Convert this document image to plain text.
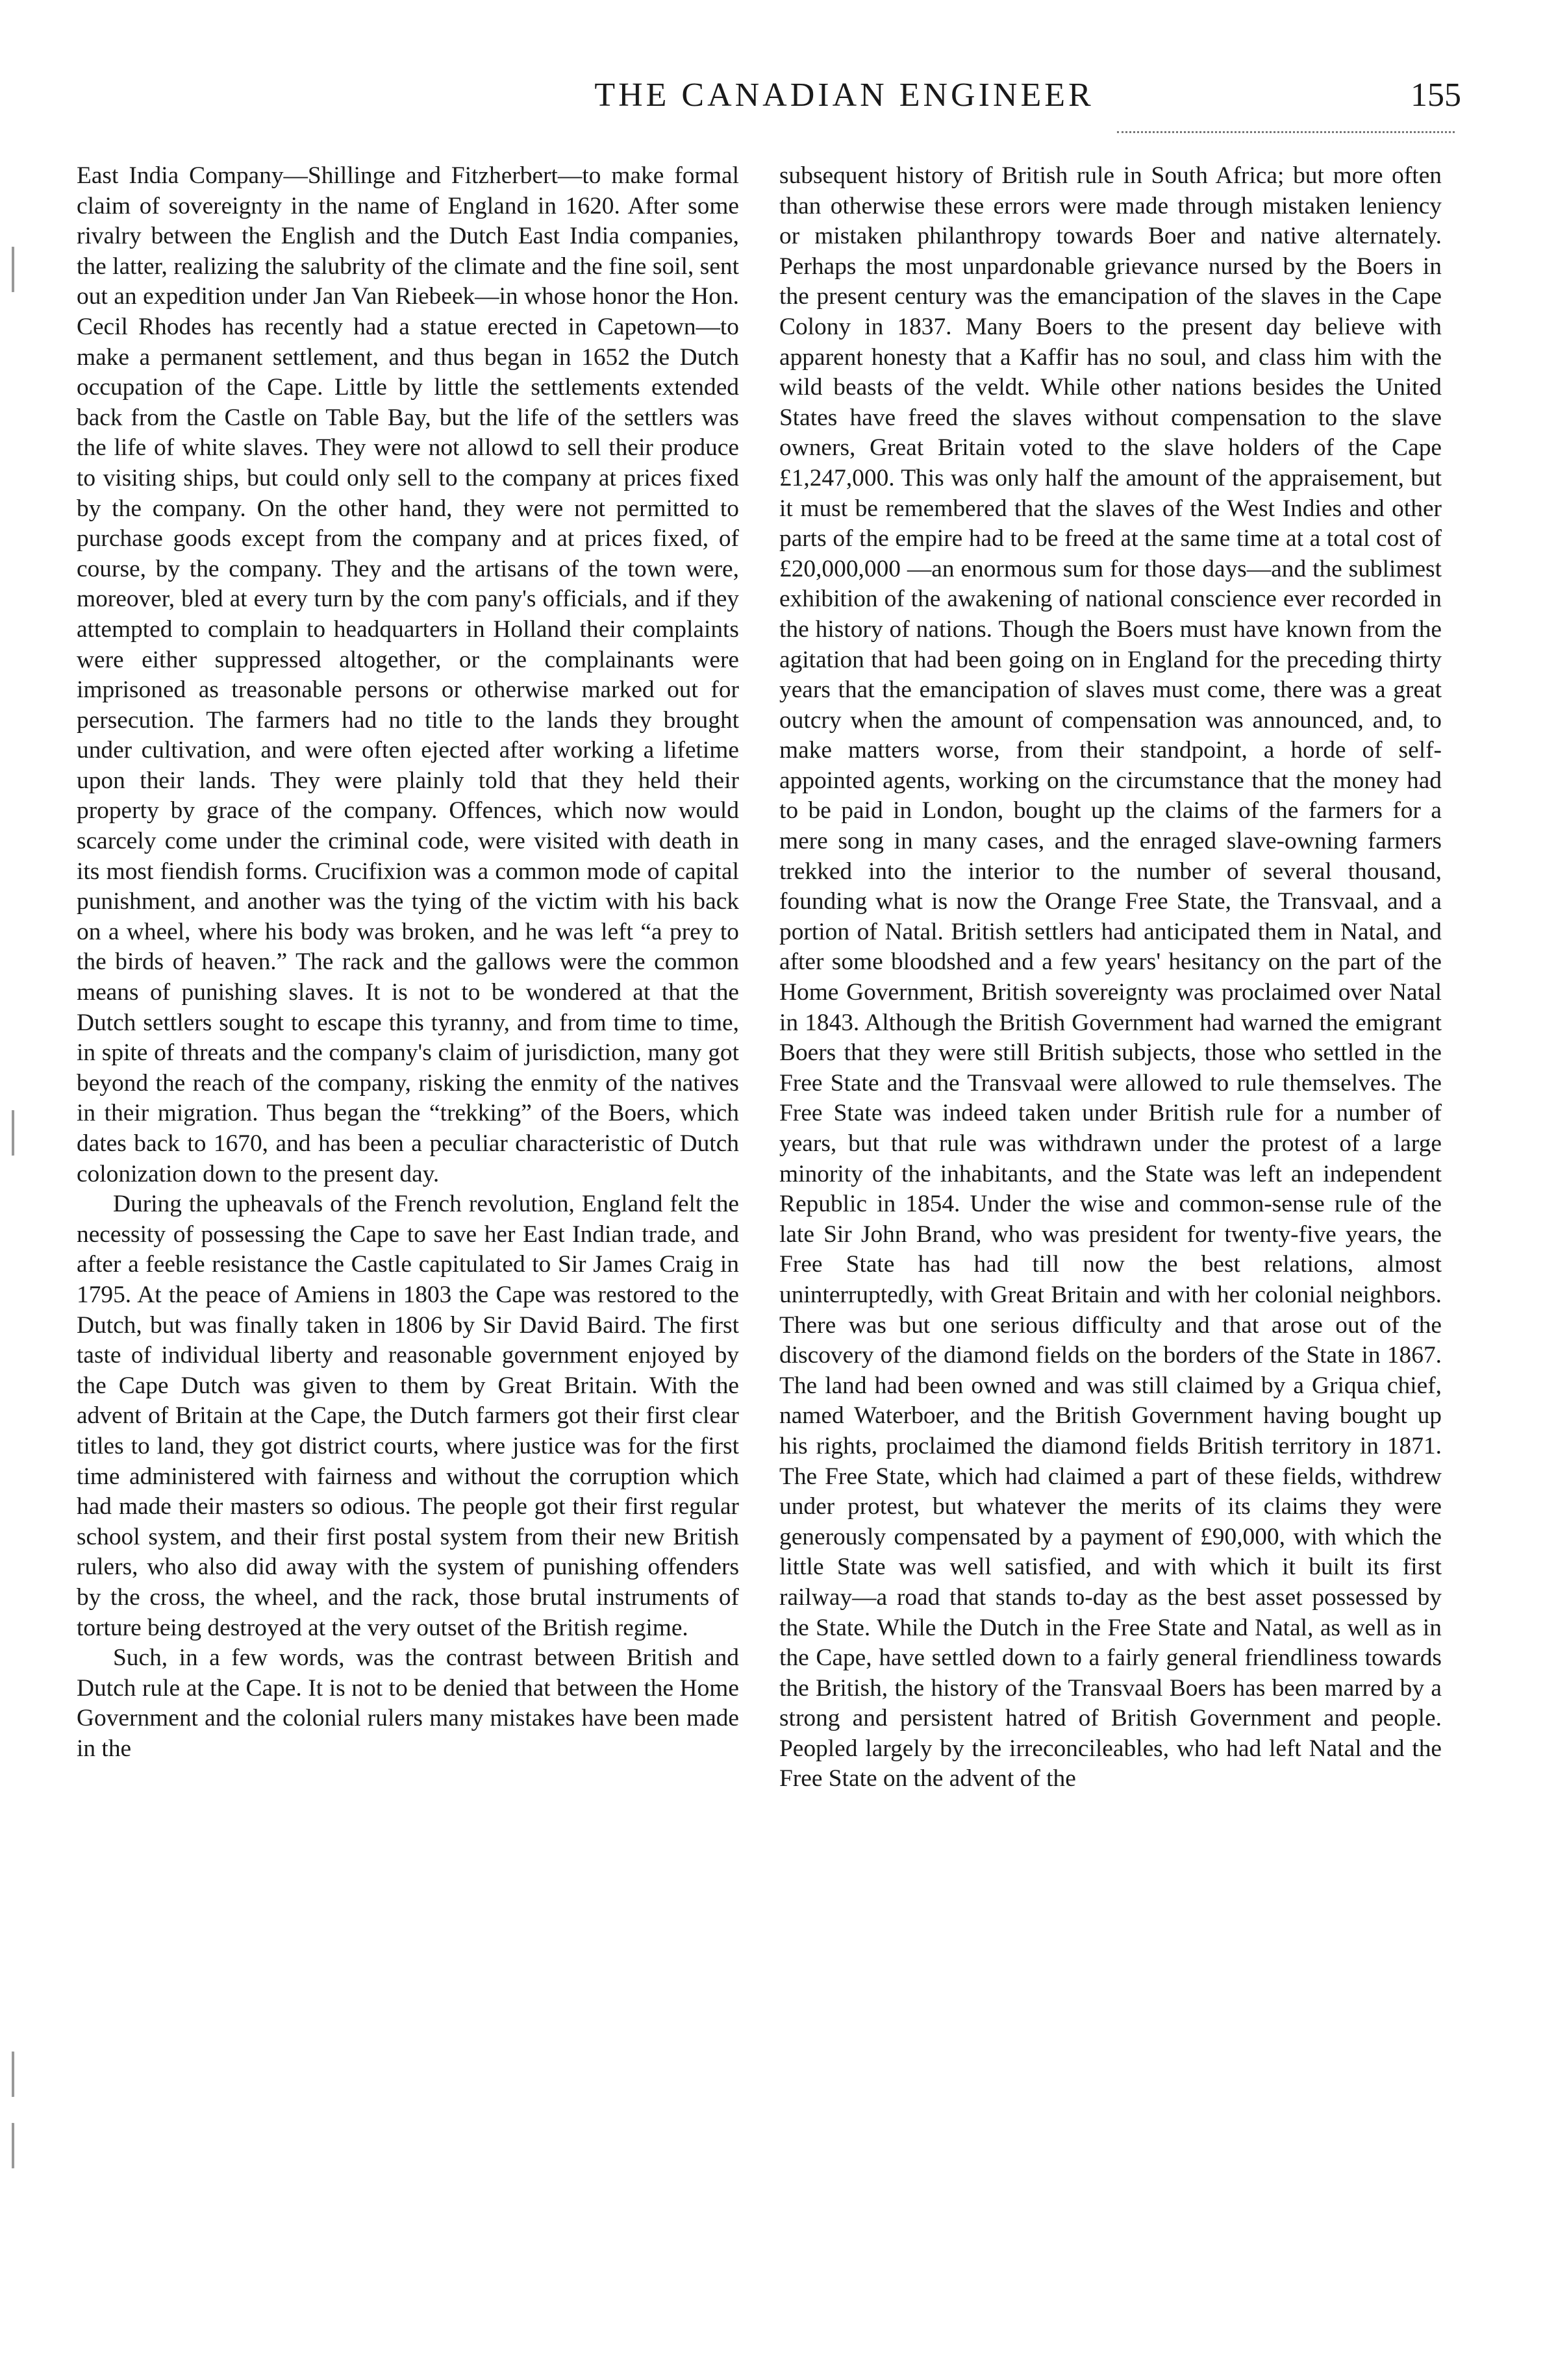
THE CANADIAN ENGINEER	155

East India Company—Shillinge and Fitzherbert—to make formal claim of sovereignty in the name of England in 1620. After some rivalry between the English and the Dutch East India companies, the latter, realizing the salubrity of the climate and the fine soil, sent out an expedition under Jan Van Riebeek—in whose honor the Hon. Cecil Rhodes has recently had a statue erected in Capetown—to make a permanent settlement, and thus began in 1652 the Dutch occupation of the Cape. Little by little the settlements extended back from the Castle on Table Bay, but the life of the settlers was the life of white slaves. They were not allowd to sell their produce to visiting ships, but could only sell to the company at prices fixed by the company. On the other hand, they were not permitted to purchase goods except from the company and at prices fixed, of course, by the company. They and the artisans of the town were, moreover, bled at every turn by the com pany's officials, and if they attempted to complain to headquarters in Holland their complaints were either suppressed altogether, or the complainants were imprisoned as treasonable persons or otherwise marked out for persecution. The farmers had no title to the lands they brought under cultivation, and were often ejected after working a lifetime upon their lands. They were plainly told that they held their property by grace of the company. Offences, which now would scarcely come under the criminal code, were visited with death in its most fiendish forms. Crucifixion was a common mode of capital punishment, and another was the tying of the victim with his back on a wheel, where his body was broken, and he was left “a prey to the birds of heaven.” The rack and the gallows were the common means of punishing slaves. It is not to be wondered at that the Dutch settlers sought to escape this tyranny, and from time to time, in spite of threats and the company's claim of jurisdiction, many got beyond the reach of the company, risking the enmity of the natives in their migration. Thus began the “trekking” of the Boers, which dates back to 1670, and has been a peculiar characteristic of Dutch colonization down to the present day.

During the upheavals of the French revolution, England felt the necessity of possessing the Cape to save her East Indian trade, and after a feeble resistance the Castle capitulated to Sir James Craig in 1795. At the peace of Amiens in 1803 the Cape was restored to the Dutch, but was finally taken in 1806 by Sir David Baird. The first taste of individual liberty and reasonable government enjoyed by the Cape Dutch was given to them by Great Britain. With the advent of Britain at the Cape, the Dutch farmers got their first clear titles to land, they got district courts, where justice was for the first time administered with fairness and without the corruption which had made their masters so odious. The people got their first regular school system, and their first postal system from their new British rulers, who also did away with the system of punishing offenders by the cross, the wheel, and the rack, those brutal instruments of torture being destroyed at the very outset of the British regime.

Such, in a few words, was the contrast between British and Dutch rule at the Cape. It is not to be denied that between the Home Government and the colonial rulers many mistakes have been made in the

subsequent history of British rule in South Africa; but more often than otherwise these errors were made through mistaken leniency or mistaken philanthropy towards Boer and native alternately. Perhaps the most unpardonable grievance nursed by the Boers in the present century was the emancipation of the slaves in the Cape Colony in 1837. Many Boers to the present day believe with apparent honesty that a Kaffir has no soul, and class him with the wild beasts of the veldt. While other nations besides the United States have freed the slaves without compensation to the slave owners, Great Britain voted to the slave holders of the Cape £1,247,000. This was only half the amount of the appraisement, but it must be remembered that the slaves of the West Indies and other parts of the empire had to be freed at the same time at a total cost of £20,000,000 —an enormous sum for those days—and the sublimest exhibition of the awakening of national conscience ever recorded in the history of nations. Though the Boers must have known from the agitation that had been going on in England for the preceding thirty years that the emancipation of slaves must come, there was a great outcry when the amount of compensation was announced, and, to make matters worse, from their standpoint, a horde of self-appointed agents, working on the circumstance that the money had to be paid in London, bought up the claims of the farmers for a mere song in many cases, and the enraged slave-owning farmers trekked into the interior to the number of several thousand, founding what is now the Orange Free State, the Transvaal, and a portion of Natal. British settlers had anticipated them in Natal, and after some bloodshed and a few years' hesitancy on the part of the Home Government, British sovereignty was proclaimed over Natal in 1843. Although the British Government had warned the emigrant Boers that they were still British subjects, those who settled in the Free State and the Transvaal were allowed to rule themselves. The Free State was indeed taken under British rule for a number of years, but that rule was withdrawn under the protest of a large minority of the inhabitants, and the State was left an independent Republic in 1854. Under the wise and common-sense rule of the late Sir John Brand, who was president for twenty-five years, the Free State has had till now the best relations, almost uninterruptedly, with Great Britain and with her colonial neighbors. There was but one serious difficulty and that arose out of the discovery of the diamond fields on the borders of the State in 1867. The land had been owned and was still claimed by a Griqua chief, named Waterboer, and the British Government having bought up his rights, proclaimed the diamond fields British territory in 1871. The Free State, which had claimed a part of these fields, withdrew under protest, but whatever the merits of its claims they were generously compensated by a payment of £90,000, with which the little State was well satisfied, and with which it built its first railway—a road that stands to-day as the best asset possessed by the State. While the Dutch in the Free State and Natal, as well as in the Cape, have settled down to a fairly general friendliness towards the British, the history of the Transvaal Boers has been marred by a strong and persistent hatred of British Government and people. Peopled largely by the irreconcileables, who had left Natal and the Free State on the advent of the
